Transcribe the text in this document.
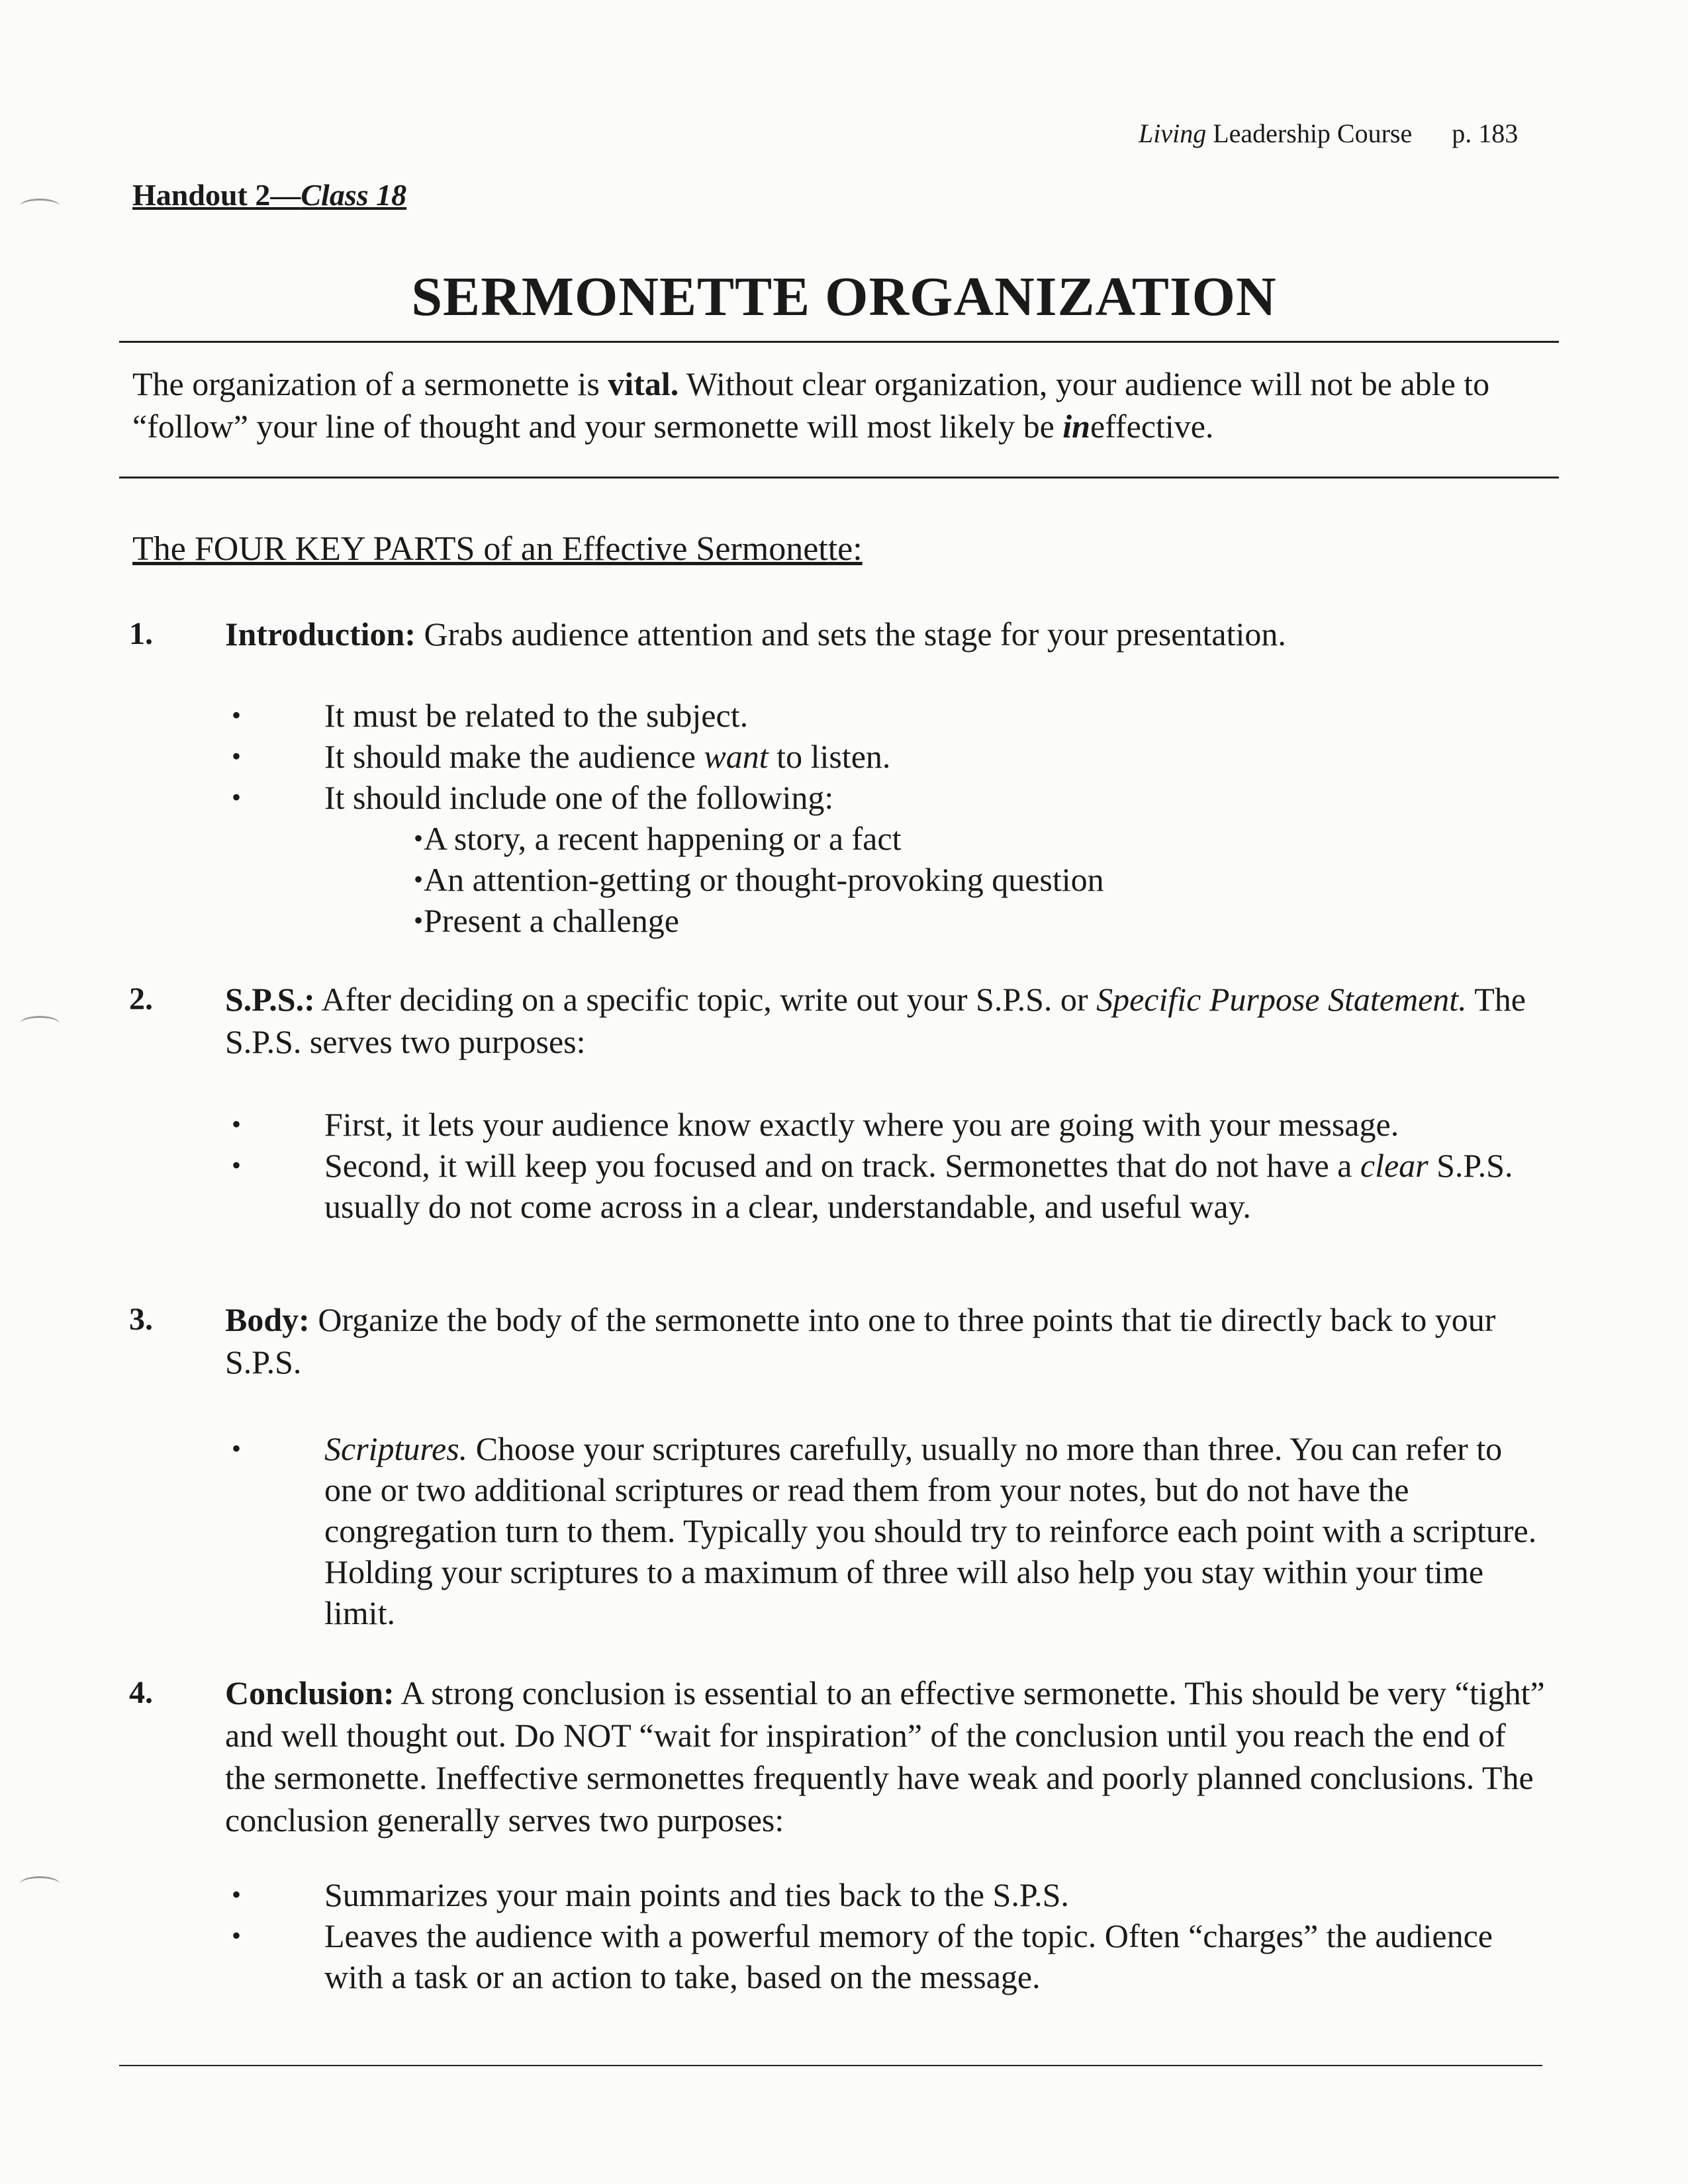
Living Leadership Course p. 183
Handout 2—Class 18
SERMONETTE ORGANIZATION
The organization of a sermonette is vital. Without clear organization, your audience will not be able to “follow” your line of thought and your sermonette will most likely be ineffective.
The FOUR KEY PARTS of an Effective Sermonette:
1. Introduction: Grabs audience attention and sets the stage for your presentation.
• It must be related to the subject.
• It should make the audience want to listen.
• It should include one of the following:
• A story, a recent happening or a fact
• An attention-getting or thought-provoking question
• Present a challenge
2. S.P.S.: After deciding on a specific topic, write out your S.P.S. or Specific Purpose Statement. The S.P.S. serves two purposes:
• First, it lets your audience know exactly where you are going with your message.
• Second, it will keep you focused and on track. Sermonettes that do not have a clear S.P.S. usually do not come across in a clear, understandable, and useful way.
3. Body: Organize the body of the sermonette into one to three points that tie directly back to your S.P.S.
• Scriptures. Choose your scriptures carefully, usually no more than three. You can refer to one or two additional scriptures or read them from your notes, but do not have the congregation turn to them. Typically you should try to reinforce each point with a scripture. Holding your scriptures to a maximum of three will also help you stay within your time limit.
4. Conclusion: A strong conclusion is essential to an effective sermonette. This should be very “tight” and well thought out. Do NOT “wait for inspiration” of the conclusion until you reach the end of the sermonette. Ineffective sermonettes frequently have weak and poorly planned conclusions. The conclusion generally serves two purposes:
• Summarizes your main points and ties back to the S.P.S.
• Leaves the audience with a powerful memory of the topic. Often “charges” the audience with a task or an action to take, based on the message.
